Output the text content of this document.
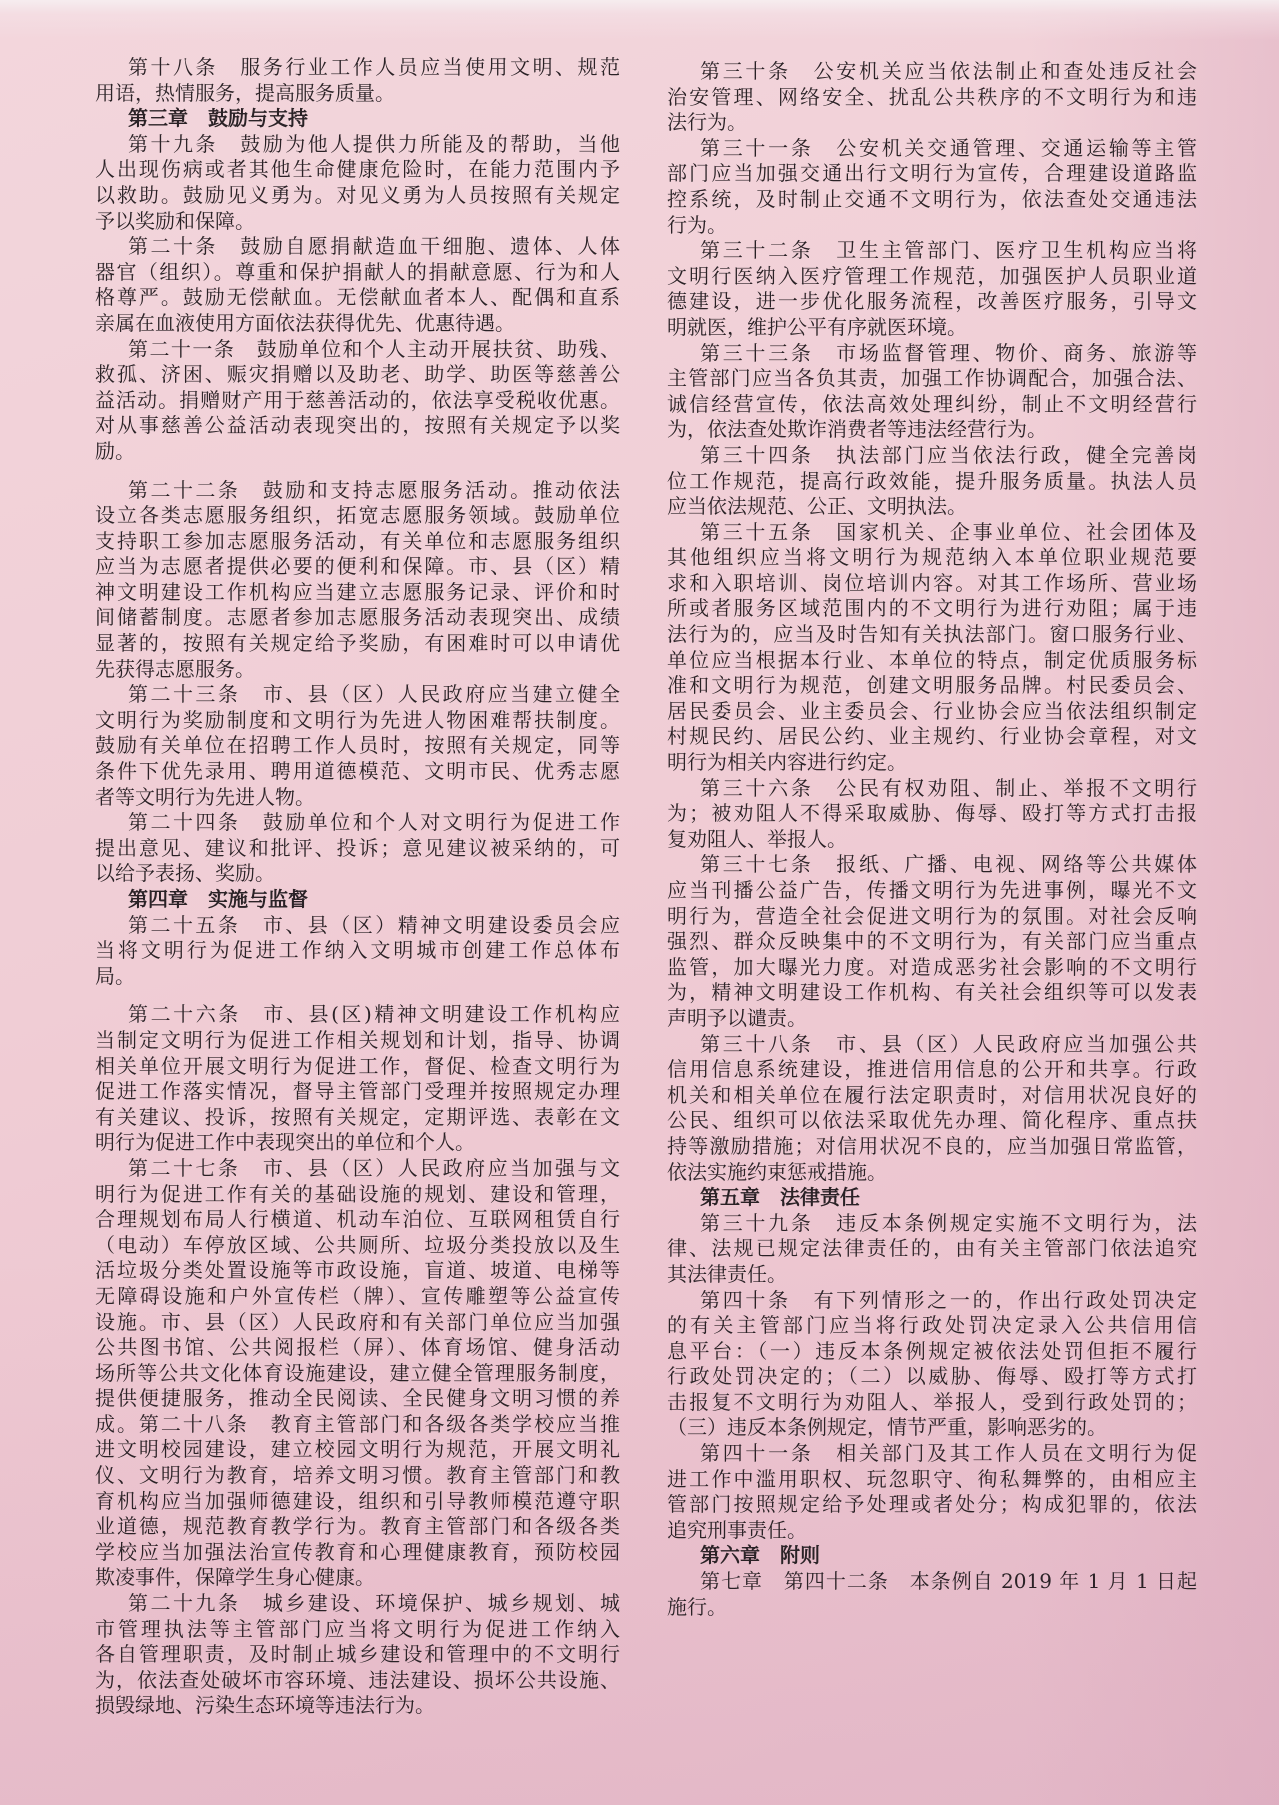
第十八条　服务行业工作人员应当使用文明、规范
用语，热情服务，提高服务质量。
第三章　鼓励与支持
第十九条　鼓励为他人提供力所能及的帮助，当他
人出现伤病或者其他生命健康危险时，在能力范围内予
以救助。鼓励见义勇为。对见义勇为人员按照有关规定
予以奖励和保障。
第二十条　鼓励自愿捐献造血干细胞、遗体、人体
器官（组织）。尊重和保护捐献人的捐献意愿、行为和人
格尊严。鼓励无偿献血。无偿献血者本人、配偶和直系
亲属在血液使用方面依法获得优先、优惠待遇。
第二十一条　鼓励单位和个人主动开展扶贫、助残、
救孤、济困、赈灾捐赠以及助老、助学、助医等慈善公
益活动。捐赠财产用于慈善活动的，依法享受税收优惠。
对从事慈善公益活动表现突出的，按照有关规定予以奖
励。
第二十二条　鼓励和支持志愿服务活动。推动依法
设立各类志愿服务组织，拓宽志愿服务领域。鼓励单位
支持职工参加志愿服务活动，有关单位和志愿服务组织
应当为志愿者提供必要的便利和保障。市、县（区）精
神文明建设工作机构应当建立志愿服务记录、评价和时
间储蓄制度。志愿者参加志愿服务活动表现突出、成绩
显著的，按照有关规定给予奖励，有困难时可以申请优
先获得志愿服务。
第二十三条　市、县（区）人民政府应当建立健全
文明行为奖励制度和文明行为先进人物困难帮扶制度。
鼓励有关单位在招聘工作人员时，按照有关规定，同等
条件下优先录用、聘用道德模范、文明市民、优秀志愿
者等文明行为先进人物。
第二十四条　鼓励单位和个人对文明行为促进工作
提出意见、建议和批评、投诉；意见建议被采纳的，可
以给予表扬、奖励。
第四章　实施与监督
第二十五条　市、县（区）精神文明建设委员会应
当将文明行为促进工作纳入文明城市创建工作总体布
局。
第二十六条　市、县(区)精神文明建设工作机构应
当制定文明行为促进工作相关规划和计划，指导、协调
相关单位开展文明行为促进工作，督促、检查文明行为
促进工作落实情况，督导主管部门受理并按照规定办理
有关建议、投诉，按照有关规定，定期评选、表彰在文
明行为促进工作中表现突出的单位和个人。
第二十七条　市、县（区）人民政府应当加强与文
明行为促进工作有关的基础设施的规划、建设和管理，
合理规划布局人行横道、机动车泊位、互联网租赁自行
（电动）车停放区域、公共厕所、垃圾分类投放以及生
活垃圾分类处置设施等市政设施，盲道、坡道、电梯等
无障碍设施和户外宣传栏（牌）、宣传雕塑等公益宣传
设施。市、县（区）人民政府和有关部门单位应当加强
公共图书馆、公共阅报栏（屏）、体育场馆、健身活动
场所等公共文化体育设施建设，建立健全管理服务制度，
提供便捷服务，推动全民阅读、全民健身文明习惯的养
成。第二十八条　教育主管部门和各级各类学校应当推
进文明校园建设，建立校园文明行为规范，开展文明礼
仪、文明行为教育，培养文明习惯。教育主管部门和教
育机构应当加强师德建设，组织和引导教师模范遵守职
业道德，规范教育教学行为。教育主管部门和各级各类
学校应当加强法治宣传教育和心理健康教育，预防校园
欺凌事件，保障学生身心健康。
第二十九条　城乡建设、环境保护、城乡规划、城
市管理执法等主管部门应当将文明行为促进工作纳入
各自管理职责，及时制止城乡建设和管理中的不文明行
为，依法查处破坏市容环境、违法建设、损坏公共设施、
损毁绿地、污染生态环境等违法行为。
第三十条　公安机关应当依法制止和查处违反社会
治安管理、网络安全、扰乱公共秩序的不文明行为和违
法行为。
第三十一条　公安机关交通管理、交通运输等主管
部门应当加强交通出行文明行为宣传，合理建设道路监
控系统，及时制止交通不文明行为，依法查处交通违法
行为。
第三十二条　卫生主管部门、医疗卫生机构应当将
文明行医纳入医疗管理工作规范，加强医护人员职业道
德建设，进一步优化服务流程，改善医疗服务，引导文
明就医，维护公平有序就医环境。
第三十三条　市场监督管理、物价、商务、旅游等
主管部门应当各负其责，加强工作协调配合，加强合法、
诚信经营宣传，依法高效处理纠纷，制止不文明经营行
为，依法查处欺诈消费者等违法经营行为。
第三十四条　执法部门应当依法行政，健全完善岗
位工作规范，提高行政效能，提升服务质量。执法人员
应当依法规范、公正、文明执法。
第三十五条　国家机关、企事业单位、社会团体及
其他组织应当将文明行为规范纳入本单位职业规范要
求和入职培训、岗位培训内容。对其工作场所、营业场
所或者服务区域范围内的不文明行为进行劝阻；属于违
法行为的，应当及时告知有关执法部门。窗口服务行业、
单位应当根据本行业、本单位的特点，制定优质服务标
准和文明行为规范，创建文明服务品牌。村民委员会、
居民委员会、业主委员会、行业协会应当依法组织制定
村规民约、居民公约、业主规约、行业协会章程，对文
明行为相关内容进行约定。
第三十六条　公民有权劝阻、制止、举报不文明行
为；被劝阻人不得采取威胁、侮辱、殴打等方式打击报
复劝阻人、举报人。
第三十七条　报纸、广播、电视、网络等公共媒体
应当刊播公益广告，传播文明行为先进事例，曝光不文
明行为，营造全社会促进文明行为的氛围。对社会反响
强烈、群众反映集中的不文明行为，有关部门应当重点
监管，加大曝光力度。对造成恶劣社会影响的不文明行
为，精神文明建设工作机构、有关社会组织等可以发表
声明予以谴责。
第三十八条　市、县（区）人民政府应当加强公共
信用信息系统建设，推进信用信息的公开和共享。行政
机关和相关单位在履行法定职责时，对信用状况良好的
公民、组织可以依法采取优先办理、简化程序、重点扶
持等激励措施；对信用状况不良的，应当加强日常监管，
依法实施约束惩戒措施。
第五章　法律责任
第三十九条　违反本条例规定实施不文明行为，法
律、法规已规定法律责任的，由有关主管部门依法追究
其法律责任。
第四十条　有下列情形之一的，作出行政处罚决定
的有关主管部门应当将行政处罚决定录入公共信用信
息平台：（一）违反本条例规定被依法处罚但拒不履行
行政处罚决定的；（二）以威胁、侮辱、殴打等方式打
击报复不文明行为劝阻人、举报人，受到行政处罚的；
（三）违反本条例规定，情节严重，影响恶劣的。
第四十一条　相关部门及其工作人员在文明行为促
进工作中滥用职权、玩忽职守、徇私舞弊的，由相应主
管部门按照规定给予处理或者处分；构成犯罪的，依法
追究刑事责任。
第六章　附则
第七章　第四十二条　本条例自 2019 年 1 月 1 日起
施行。
